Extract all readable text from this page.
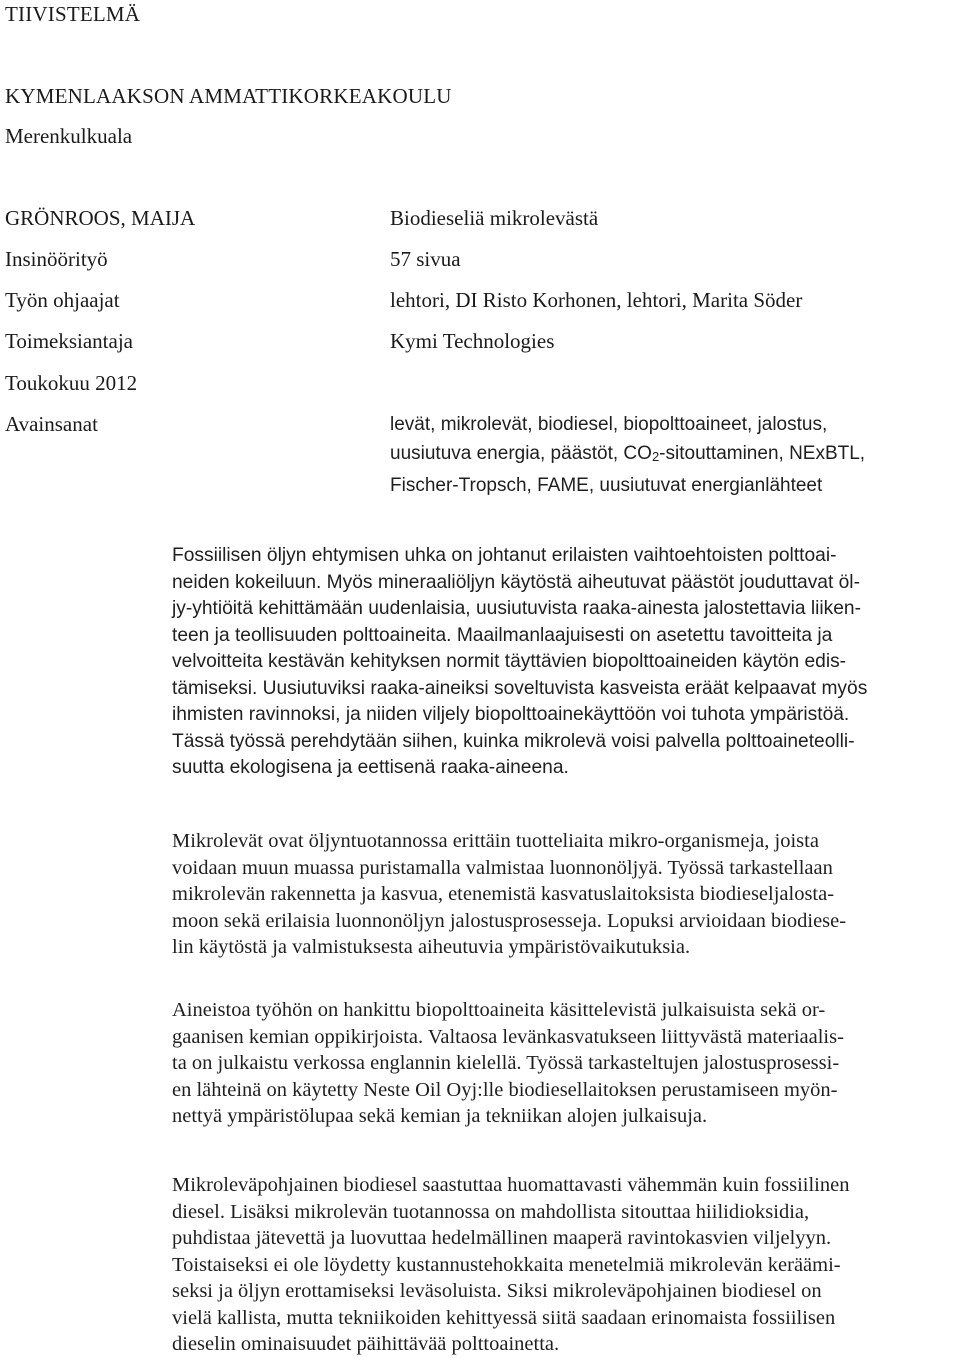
TIIVISTELMÄ
KYMENLAAKSON AMMATTIKORKEAKOULU
Merenkulkuala
GRÖNROOS, MAIJA	Biodieseliä mikrolevästä
Insinöörityö	57 sivua
Työn ohjaajat	lehtori, DI Risto Korhonen, lehtori, Marita Söder
Toimeksiantaja	Kymi Technologies
Toukokuu 2012
Avainsanat	levät, mikrolevät, biodiesel, biopolttoaineet, jalostus,
uusiutuva energia, päästöt, $CO_2$-sitouttaminen, NExBTL,
Fischer-Tropsch, FAME, uusiutuvat energianlähteet
Fossiilisen öljyn ehtymisen uhka on johtanut erilaisten vaihtoehtoisten polttoai-
neiden kokeiluun. Myös mineraaliöljyn käytöstä aiheutuvat päästöt jouduttavat öl-
jy-yhtiöitä kehittämään uudenlaisia, uusiutuvista raaka-ainesta jalostettavia liiken-
teen ja teollisuuden polttoaineita. Maailmanlaajuisesti on asetettu tavoitteita ja
velvoitteita kestävän kehityksen normit täyttävien biopolttoaineiden käytön edis-
tämiseksi. Uusiutuviksi raaka-aineiksi soveltuvista kasveista eräät kelpaavat myös
ihmisten ravinnoksi, ja niiden viljely biopolttoainekäyttöön voi tuhota ympäristöä.
Tässä työssä perehdytään siihen, kuinka mikrolevä voisi palvella polttoaineteolli-
suutta ekologisena ja eettisenä raaka-aineena.
Mikrolevät ovat öljyntuotannossa erittäin tuotteliaita mikro-organismeja, joista
voidaan muun muassa puristamalla valmistaa luonnonöljyä. Työssä tarkastellaan
mikrolevän rakennetta ja kasvua, etenemistä kasvatuslaitoksista biodieseljalosta-
moon sekä erilaisia luonnonöljyn jalostusprosesseja. Lopuksi arvioidaan biodiese-
lin käytöstä ja valmistuksesta aiheutuvia ympäristövaikutuksia.
Aineistoa työhön on hankittu biopolttoaineita käsittelevistä julkaisuista sekä or-
gaanisen kemian oppikirjoista. Valtaosa levänkasvatukseen liittyvästä materiaalis-
ta on julkaistu verkossa englannin kielellä. Työssä tarkasteltujen jalostusprosessi-
en lähteinä on käytetty Neste Oil Oyj:lle biodiesellaitoksen perustamiseen myön-
nettyä ympäristölupaa sekä kemian ja tekniikan alojen julkaisuja.
Mikroleväpohjainen biodiesel saastuttaa huomattavasti vähemmän kuin fossiilinen
diesel. Lisäksi mikrolevän tuotannossa on mahdollista sitouttaa hiilidioksidia,
puhdistaa jätevettä ja luovuttaa hedelmällinen maaperä ravintokasvien viljelyyn.
Toistaiseksi ei ole löydetty kustannustehokkaita menetelmiä mikrolevän keräämi-
seksi ja öljyn erottamiseksi leväsoluista. Siksi mikroleväpohjainen biodiesel on
vielä kallista, mutta tekniikoiden kehittyessä siitä saadaan erinomaista fossiilisen
dieselin ominaisuudet päihittävää polttoainetta.
